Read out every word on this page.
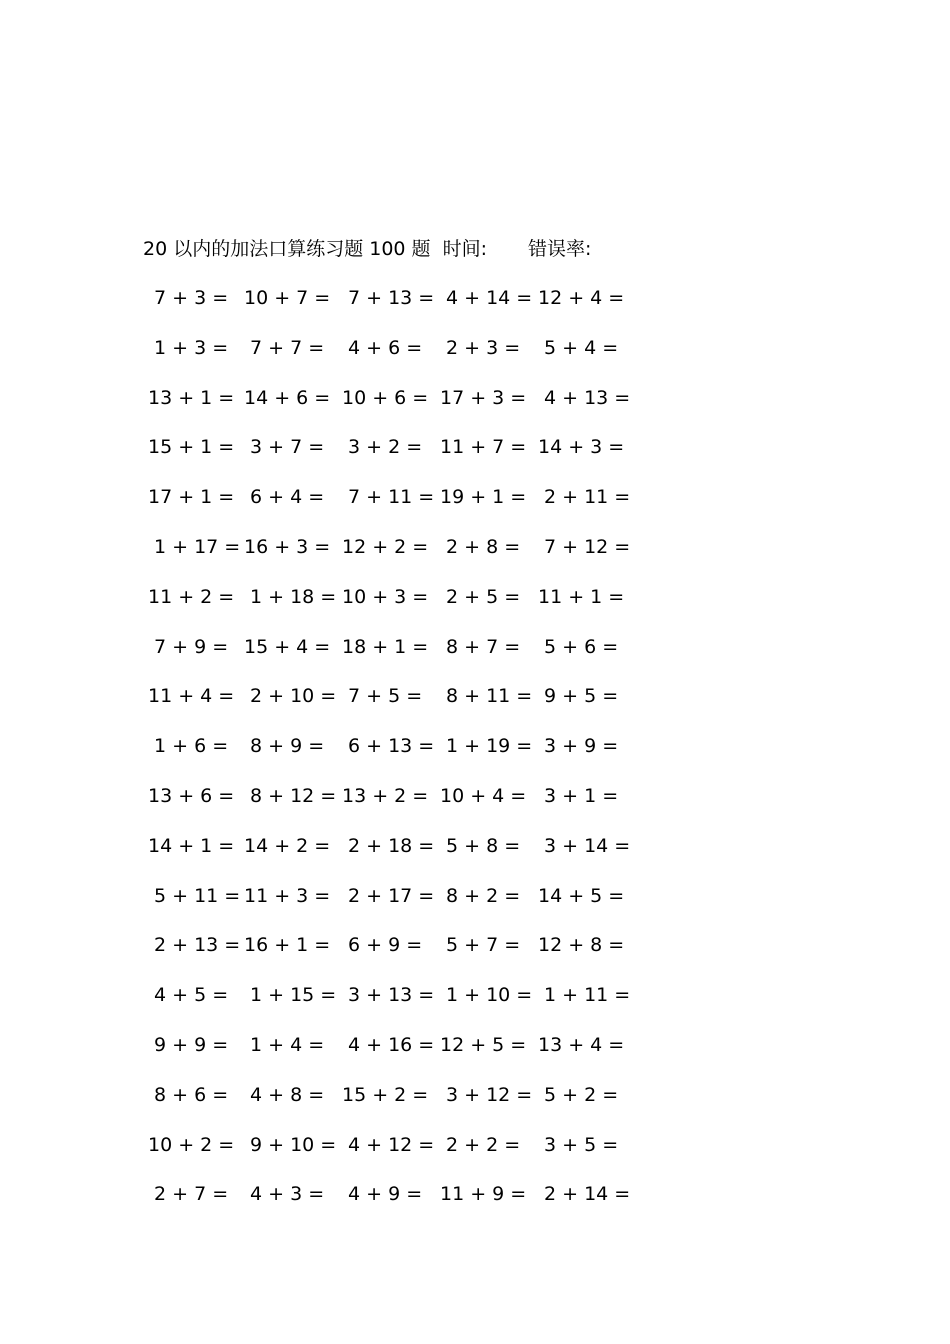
20 以内的加法口算练习题 100 题 时间: 错误率:
7 + 3 = 10 + 7 = 7 + 13 = 4 + 14 = 12 + 4 =
1 + 3 =	7 + 7 =	4 + 6 =	2 + 3 =	5 + 4 =
13 + 1 = 14 + 6 = 10 + 6 = 17 + 3 = 4 + 13 =
15 + 1 = 3 + 7 =	3 + 2 = 11 + 7 = 14 + 3 =
17 + 1 = 6 + 4 =	7 + 11 = 19 + 1 = 2 + 11 =
1 + 17 = 16 + 3 = 12 + 2 = 2 + 8 =	7 + 12 =
11 + 2 = 1 + 18 = 10 + 3 = 2 + 5 = 11 + 1 =
7 + 9 = 15 + 4 = 18 + 1 = 8 + 7 =	5 + 6 =
11 + 4 = 2 + 10 = 7 + 5 =	8 + 11 = 9 + 5 =
1 + 6 =	8 + 9 =	6 + 13 = 1 + 19 = 3 + 9 =
13 + 6 = 8 + 12 = 13 + 2 = 10 + 4 = 3 + 1 =
14 + 1 = 14 + 2 = 2 + 18 = 5 + 8 =	3 + 14 =
5 + 11 = 11 + 3 = 2 + 17 = 8 + 2 = 14 + 5 =
2 + 13 = 16 + 1 = 6 + 9 =	5 + 7 = 12 + 8 =
4 + 5 =	1 + 15 = 3 + 13 = 1 + 10 = 1 + 11 =
9 + 9 =	1 + 4 =	4 + 16 = 12 + 5 = 13 + 4 =
8 + 6 =	4 + 8 = 15 + 2 = 3 + 12 = 5 + 2 =
10 + 2 = 9 + 10 = 4 + 12 = 2 + 2 =	3 + 5 =
2 + 7 =	4 + 3 =	4 + 9 = 11 + 9 = 2 + 14 =
